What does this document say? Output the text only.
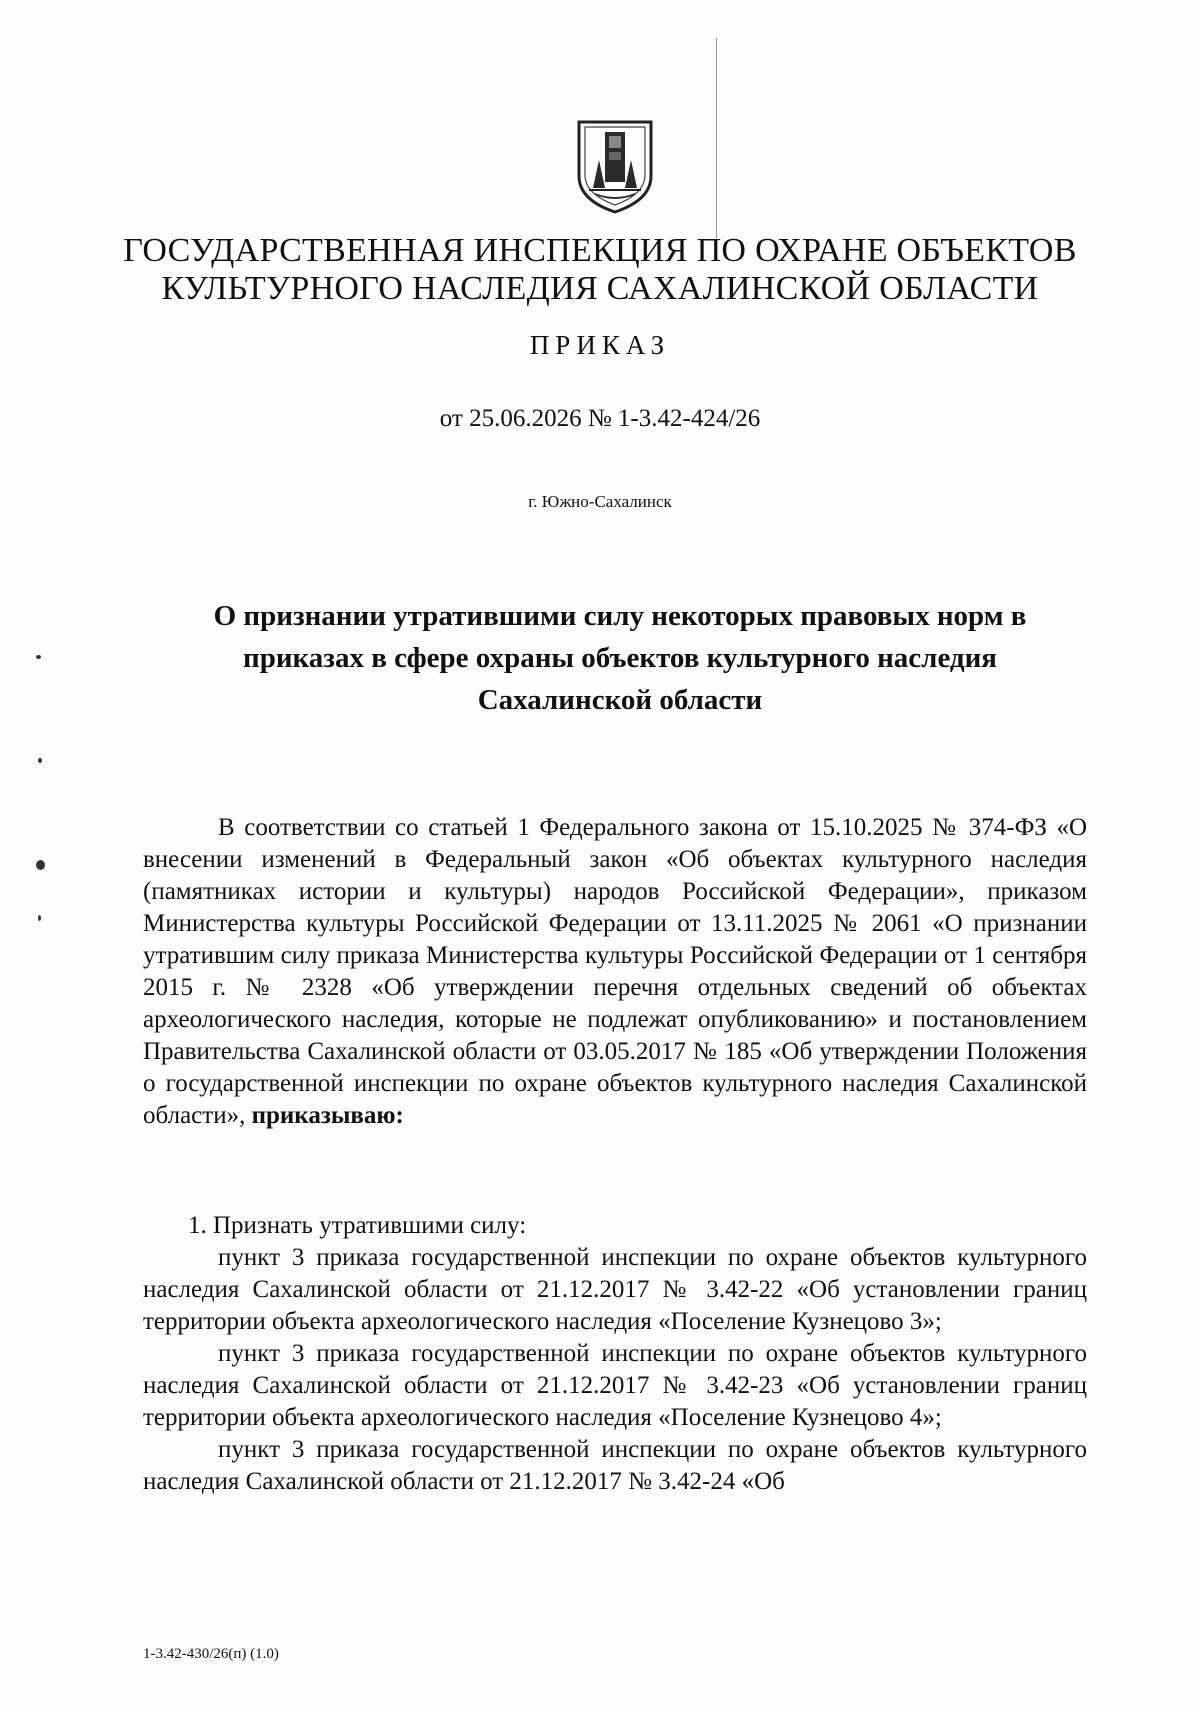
ГОСУДАРСТВЕННАЯ ИНСПЕКЦИЯ ПО ОХРАНЕ ОБЪЕКТОВ
КУЛЬТУРНОГО НАСЛЕДИЯ САХАЛИНСКОЙ ОБЛАСТИ
ПРИКАЗ
от 25.06.2026 № 1-3.42-424/26
г. Южно-Сахалинск
О признании утратившими силу некоторых правовых норм в
приказах в сфере охраны объектов культурного наследия
Сахалинской области

В соответствии со статьей 1 Федерального закона от 15.10.2025 № 374-ФЗ «О внесении изменений в Федеральный закон «Об объектах культурного наследия (памятниках истории и культуры) народов Российской Федерации», приказом Министерства культуры Российской Федерации от 13.11.2025 № 2061 «О признании утратившим силу приказа Министерства культуры Российской Федерации от 1 сентября 2015 г. № 2328 «Об утверждении перечня отдельных сведений об объектах археологического наследия, которые не подлежат опубликованию» и постановлением Правительства Сахалинской области от 03.05.2017 № 185 «Об утверждении Положения о государственной инспекции по охране объектов культурного наследия Сахалинской области», приказываю:

1. Признать утратившими силу:

пункт 3 приказа государственной инспекции по охране объектов культурного наследия Сахалинской области от 21.12.2017 № 3.42-22 «Об установлении границ территории объекта археологического наследия «Поселение Кузнецово 3»;

пункт 3 приказа государственной инспекции по охране объектов культурного наследия Сахалинской области от 21.12.2017 № 3.42-23 «Об установлении границ территории объекта археологического наследия «Поселение Кузнецово 4»;

пункт 3 приказа государственной инспекции по охране объектов культурного наследия Сахалинской области от 21.12.2017 № 3.42-24 «Об

1-3.42-430/26(п) (1.0)
